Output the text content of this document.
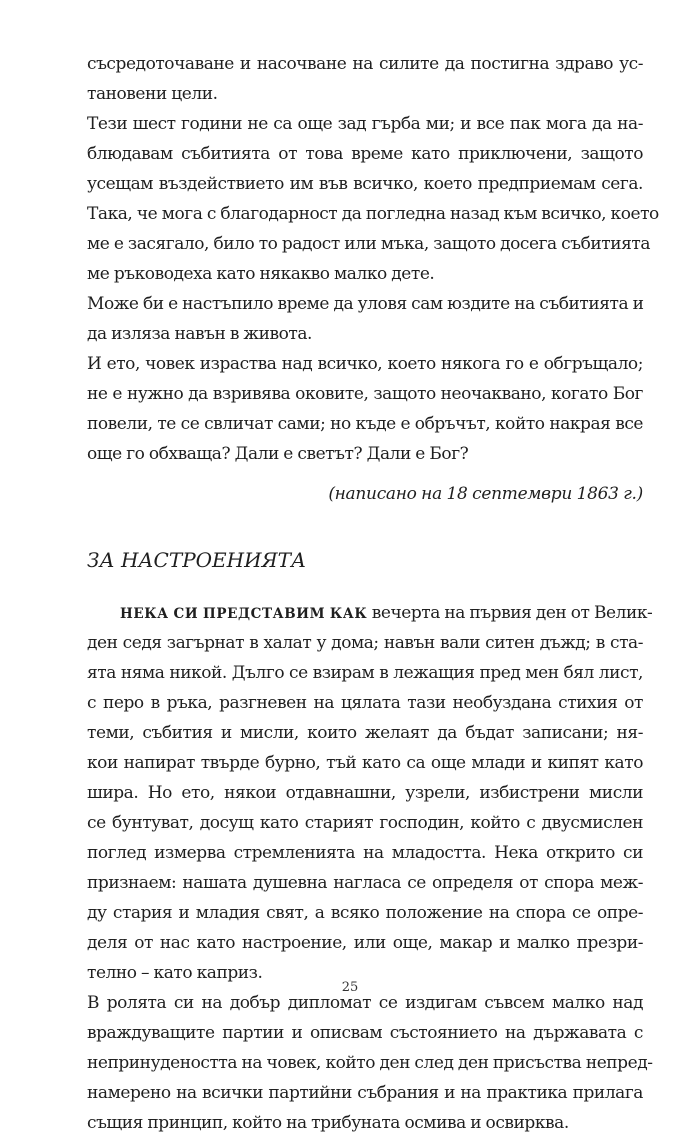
съсредоточаване и насочване на силите да постигна здраво ус-
тановени цели.
Тези шест години не са още зад гърба ми; и все пак мога да на-
блюдавам събитията от това време като приключени, защото
усещам въздействието им във всичко, което предприемам сега.
Така, че мога с благодарност да погледна назад към всичко, което
ме е засягало, било то радост или мъка, защото досега събитията
ме ръководеха като някакво малко дете.
Може би е настъпило време да уловя сам юздите на събитията и
да изляза навън в живота.
И ето, човек израства над всичко, което някога го е обгръщало;
не е нужно да взривява оковите, защото неочаквано, когато Бог
повели, те се свличат сами; но къде е обръчът, който накрая все
още го обхваща? Дали е светът? Дали е Бог?
(написано на 18 септември 1863 г.)
ЗА НАСТРОЕНИЯТА
НЕКА СИ ПРЕДСТАВИМ КАК вечерта на първия ден от Велик-
ден седя загърнат в халат у дома; навън вали ситен дъжд; в ста-
ята няма никой. Дълго се взирам в лежащия пред мен бял лист,
с перо в ръка, разгневен на цялата тази необуздана стихия от
теми, събития и мисли, които желаят да бъдат записани; ня-
кои напират твърде бурно, тъй като са още млади и кипят като
шира. Но ето, някои отдавнашни, узрели, избистрени мисли
се бунтуват, досущ като старият господин, който с двусмислен
поглед измерва стремленията на младостта. Нека открито си
признаем: нашата душевна нагласа се определя от спора меж-
ду стария и младия свят, а всяко положение на спора се опре-
деля от нас като настроение, или още, макар и малко презри-
телно – като каприз.
В ролята си на добър дипломат се издигам съвсем малко над
враждуващите партии и описвам състоянието на държавата с
непринудеността на човек, който ден след ден присъства непред-
намерено на всички партийни събрания и на практика прилага
същия принцип, който на трибуната осмива и освирква.
25
